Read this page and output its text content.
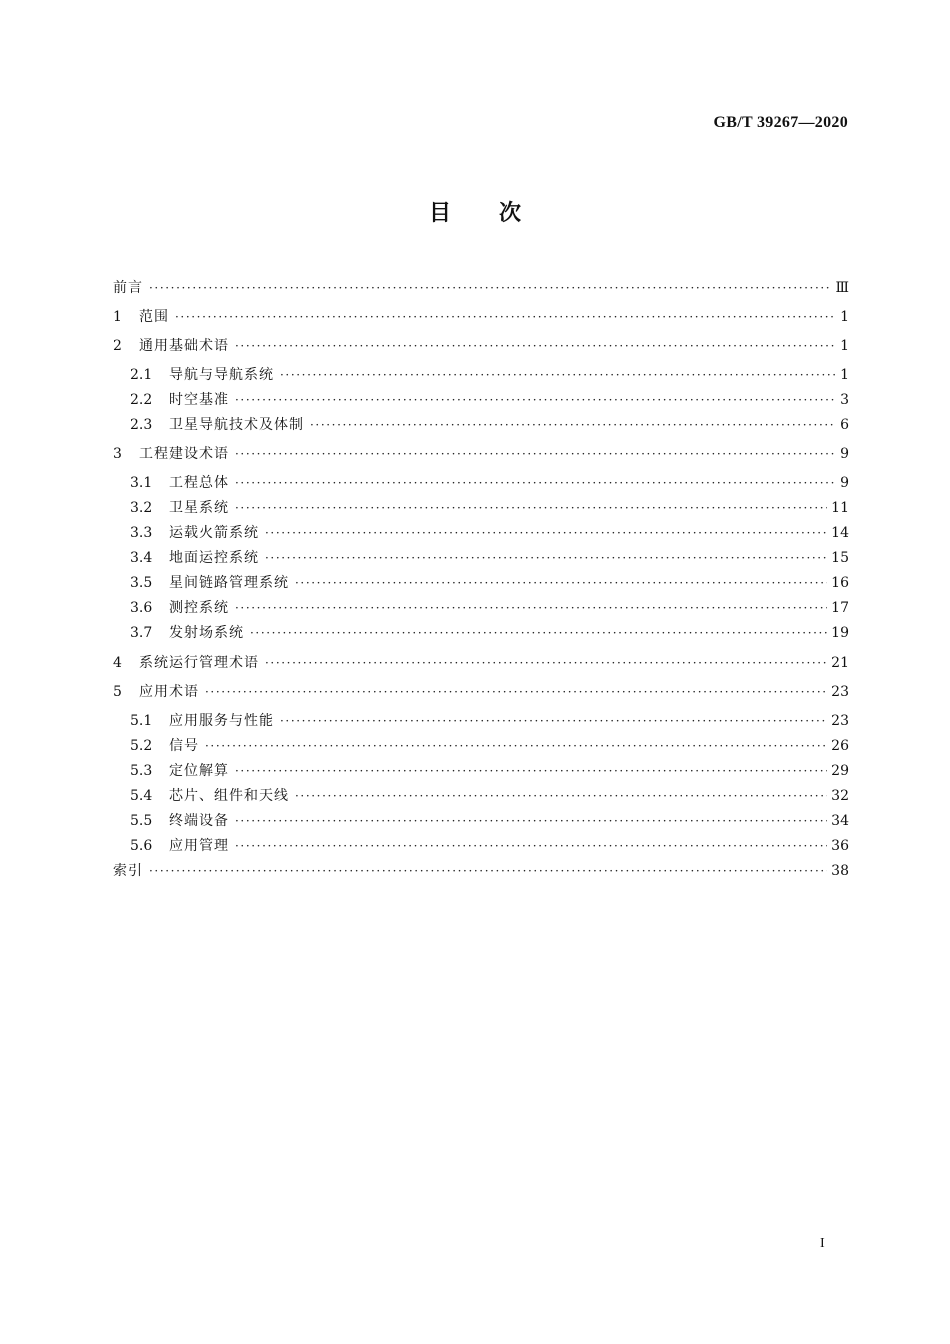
GB/T 39267—2020
目 次
前言 ·····	Ⅲ
1	范围 ·····	1
2	通用基础术语 ·····	1
2.1	导航与导航系统 ·····	1
2.2	时空基准 ·····	3
2.3	卫星导航技术及体制 ·····	6
3	工程建设术语 ·····	9
3.1	工程总体 ·····	9
3.2	卫星系统 ·····	11
3.3	运载火箭系统 ·····	14
3.4	地面运控系统 ·····	15
3.5	星间链路管理系统 ·····	16
3.6	测控系统 ·····	17
3.7	发射场系统 ·····	19
4	系统运行管理术语 ·····	21
5	应用术语 ·····	23
5.1	应用服务与性能 ·····	23
5.2	信号 ·····	26
5.3	定位解算 ·····	29
5.4	芯片、组件和天线 ·····	32
5.5	终端设备 ·····	34
5.6	应用管理 ·····	36
索引 ·····	38
I
